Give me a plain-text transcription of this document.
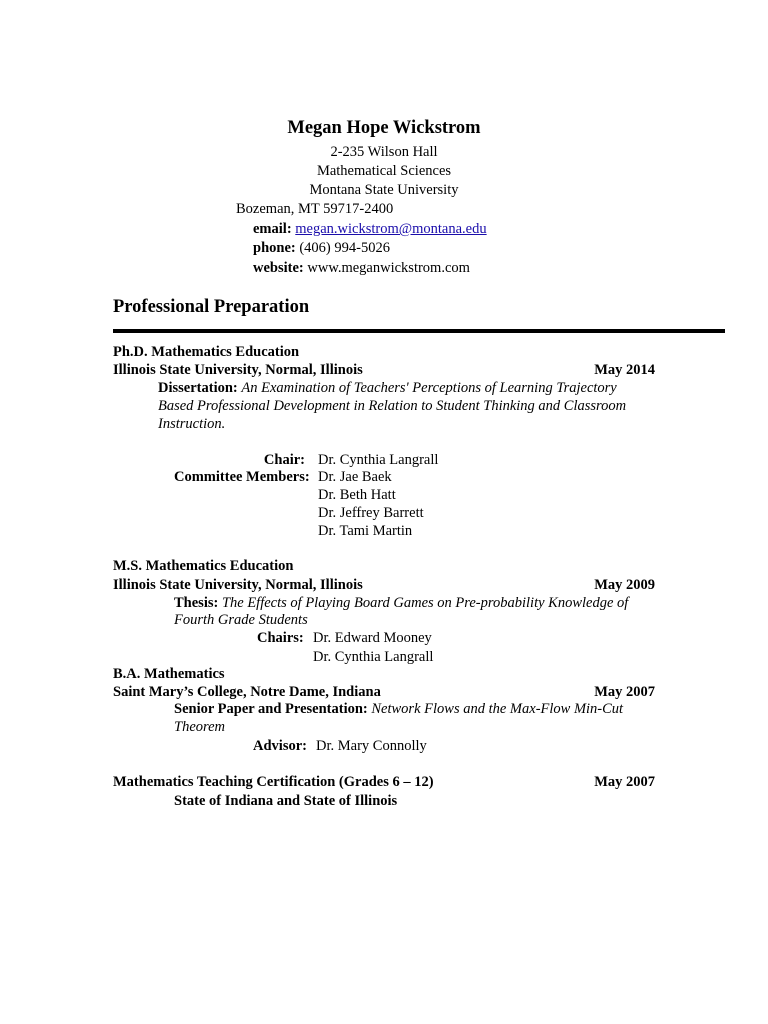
Megan Hope Wickstrom
2-235 Wilson Hall
Mathematical Sciences
Montana State University
Bozeman, MT 59717-2400
email: megan.wickstrom@montana.edu
phone: (406) 994-5026
website: www.meganwickstrom.com
Professional Preparation
Ph.D. Mathematics Education
Illinois State University, Normal, Illinois	May 2014
Dissertation: An Examination of Teachers' Perceptions of Learning Trajectory
Based Professional Development in Relation to Student Thinking and Classroom
Instruction.
Chair: Dr. Cynthia Langrall
Committee Members: Dr. Jae Baek
Dr. Beth Hatt
Dr. Jeffrey Barrett
Dr. Tami Martin
M.S. Mathematics Education
Illinois State University, Normal, Illinois	May 2009
Thesis: The Effects of Playing Board Games on Pre-probability Knowledge of
Fourth Grade Students
Chairs: Dr. Edward Mooney
Dr. Cynthia Langrall
B.A. Mathematics
Saint Mary’s College, Notre Dame, Indiana	May 2007
Senior Paper and Presentation: Network Flows and the Max-Flow Min-Cut
Theorem
Advisor: Dr. Mary Connolly
Mathematics Teaching Certification (Grades 6 – 12)	May 2007
State of Indiana and State of Illinois
